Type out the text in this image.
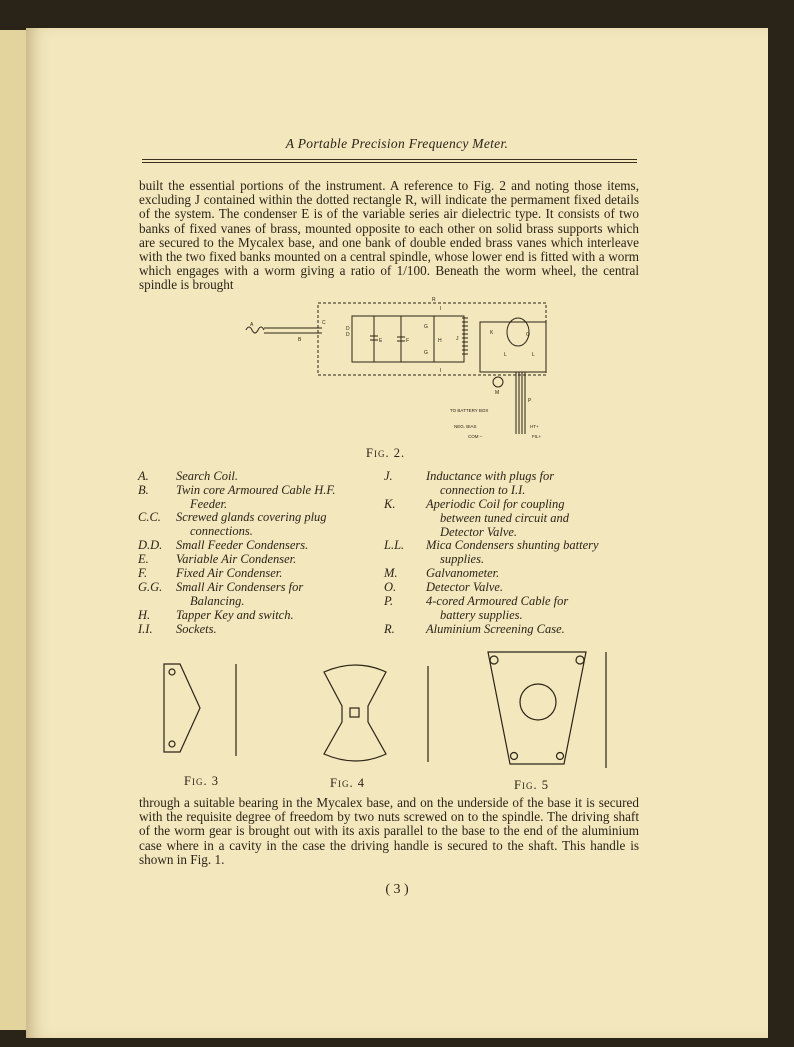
A Portable Precision Frequency Meter.

built the essential portions of the instrument. A reference to Fig. 2 and noting those items, excluding J contained within the dotted rectangle R, will indicate the permament fixed details of the system. The condenser E is of the variable series air dielectric type. It consists of two banks of fixed vanes of brass, mounted opposite to each other on solid brass supports which are secured to the Mycalex base, and one bank of double ended brass vanes which interleave with the two fixed banks mounted on a central spindle, whose lower end is fitted with a worm which engages with a worm giving a ratio of 1/100. Beneath the worm wheel, the central spindle is brought

R
A
B
C
D
D
E	F
G
G
H
I
I
J
K	O
L	L
M
P
TO BATTERY BOX
NEG. BIAS	HT+
COM –	FIL+
Fig. 2.
A. Search Coil.
B. Twin core Armoured Cable H.F.
Feeder.
C.C. Screwed glands covering plug
connections.
D.D. Small Feeder Condensers.
E. Variable Air Condenser.
F. Fixed Air Condenser.
G.G. Small Air Condensers for
Balancing.
H. Tapper Key and switch.
I.I. Sockets.
J.	Inductance with plugs for
connection to I.I.
K. Aperiodic Coil for coupling
between tuned circuit and
Detector Valve.
L.L. Mica Condensers shunting battery
supplies.
M. Galvanometer.
O. Detector Valve.
P.	4-cored Armoured Cable for
battery supplies.
R. Aluminium Screening Case.
Fig. 3	Fig. 4	Fig. 5

through a suitable bearing in the Mycalex base, and on the underside of the base it is secured with the requisite degree of freedom by two nuts screwed on to the spindle. The driving shaft of the worm gear is brought out with its axis parallel to the base to the end of the aluminium case where in a cavity in the case the driving handle is secured to the shaft. This handle is shown in Fig. 1.

( 3 )
